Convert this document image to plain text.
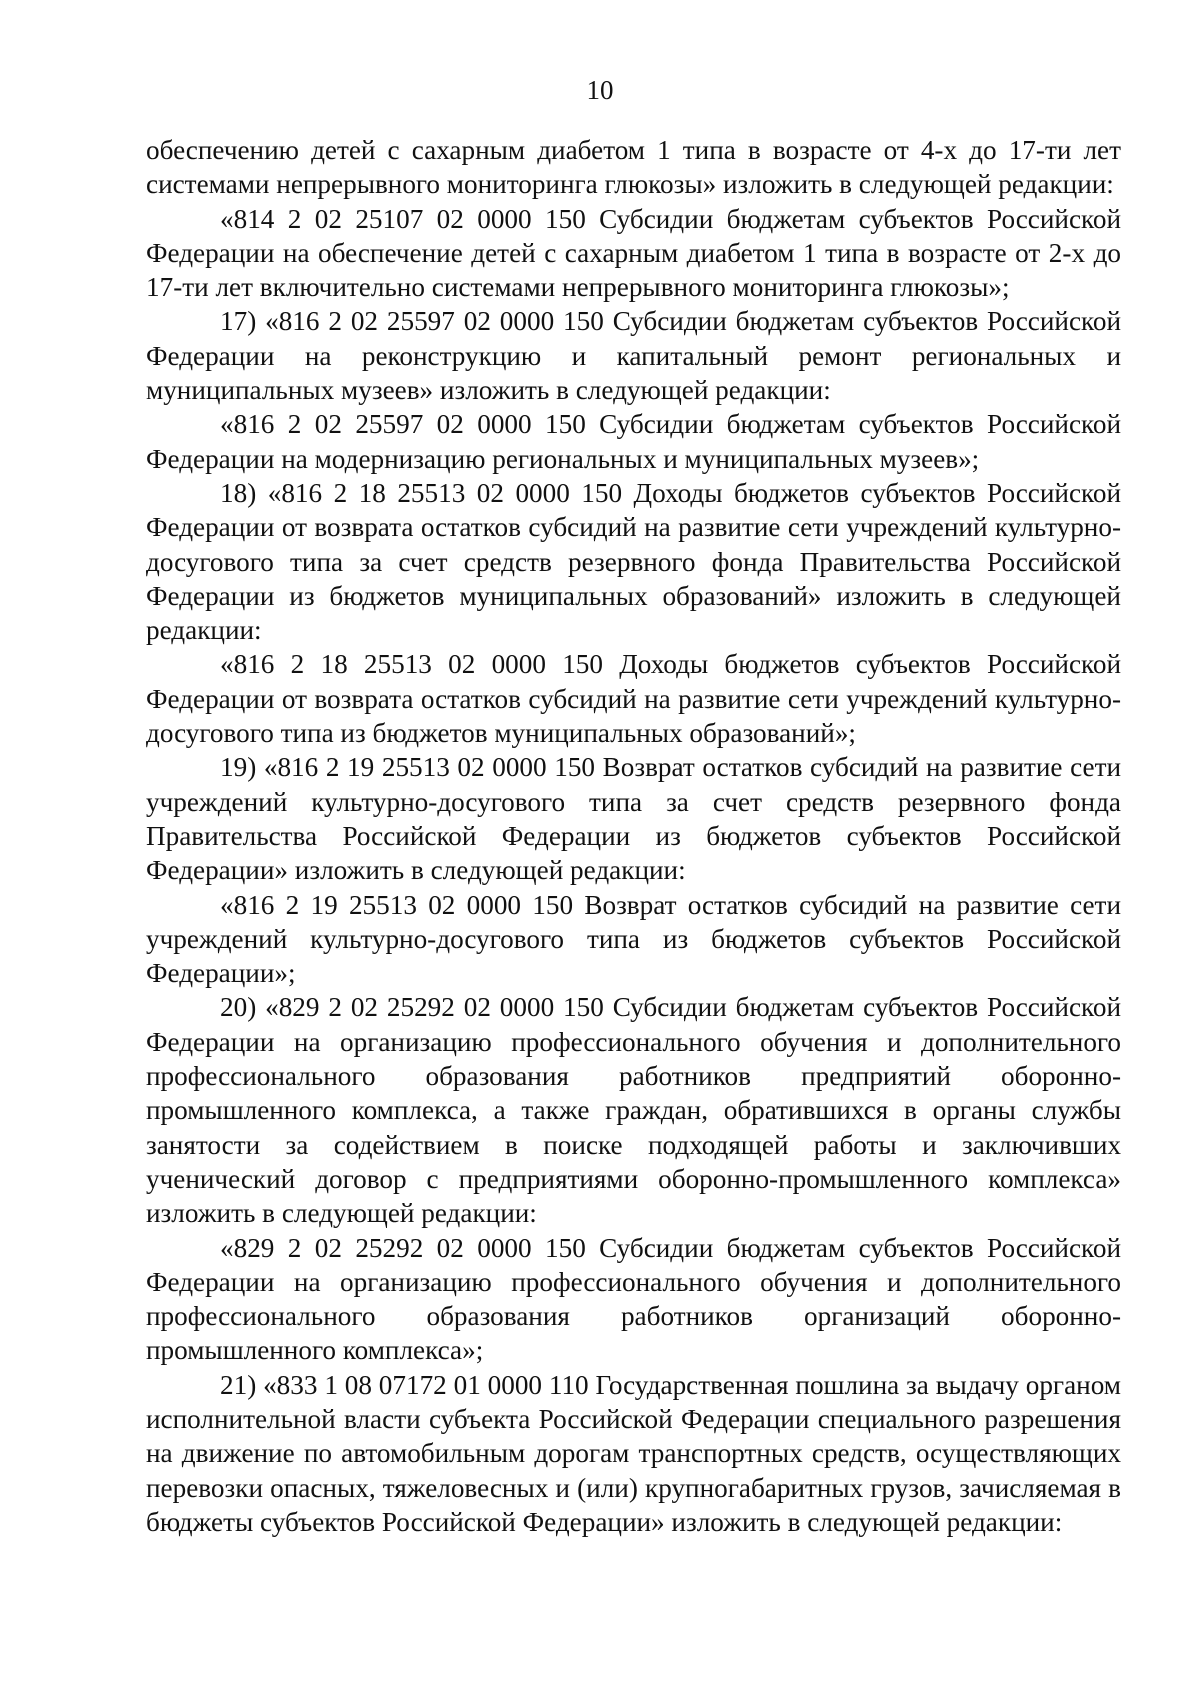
10

обеспечению детей с сахарным диабетом 1 типа в возрасте от 4-х до 17-ти лет системами непрерывного мониторинга глюкозы» изложить в следующей редакции:

«814 2 02 25107 02 0000 150 Субсидии бюджетам субъектов Российской Федерации на обеспечение детей с сахарным диабетом 1 типа в возрасте от 2-х до 17-ти лет включительно системами непрерывного мониторинга глюкозы»;

17) «816 2 02 25597 02 0000 150 Субсидии бюджетам субъектов Российской Федерации на реконструкцию и капитальный ремонт региональных и муниципальных музеев» изложить в следующей редакции:

«816 2 02 25597 02 0000 150 Субсидии бюджетам субъектов Российской Федерации на модернизацию региональных и муниципальных музеев»;

18) «816 2 18 25513 02 0000 150 Доходы бюджетов субъектов Российской Федерации от возврата остатков субсидий на развитие сети учреждений культурно-досугового типа за счет средств резервного фонда Правительства Российской Федерации из бюджетов муниципальных образований» изложить в следующей редакции:

«816 2 18 25513 02 0000 150 Доходы бюджетов субъектов Российской Федерации от возврата остатков субсидий на развитие сети учреждений культурно-досугового типа из бюджетов муниципальных образований»;

19) «816 2 19 25513 02 0000 150 Возврат остатков субсидий на развитие сети учреждений культурно-досугового типа за счет средств резервного фонда Правительства Российской Федерации из бюджетов субъектов Российской Федерации» изложить в следующей редакции:

«816 2 19 25513 02 0000 150 Возврат остатков субсидий на развитие сети учреждений культурно-досугового типа из бюджетов субъектов Российской Федерации»;

20) «829 2 02 25292 02 0000 150 Субсидии бюджетам субъектов Российской Федерации на организацию профессионального обучения и дополнительного профессионального образования работников предприятий оборонно-промышленного комплекса, а также граждан, обратившихся в органы службы занятости за содействием в поиске подходящей работы и заключивших ученический договор с предприятиями оборонно-промышленного комплекса» изложить в следующей редакции:

«829 2 02 25292 02 0000 150 Субсидии бюджетам субъектов Российской Федерации на организацию профессионального обучения и дополнительного профессионального образования работников организаций оборонно-промышленного комплекса»;

21) «833 1 08 07172 01 0000 110 Государственная пошлина за выдачу органом исполнительной власти субъекта Российской Федерации специального разрешения на движение по автомобильным дорогам транспортных средств, осуществляющих перевозки опасных, тяжеловесных и (или) крупногабаритных грузов, зачисляемая в бюджеты субъектов Российской Федерации» изложить в следующей редакции:
